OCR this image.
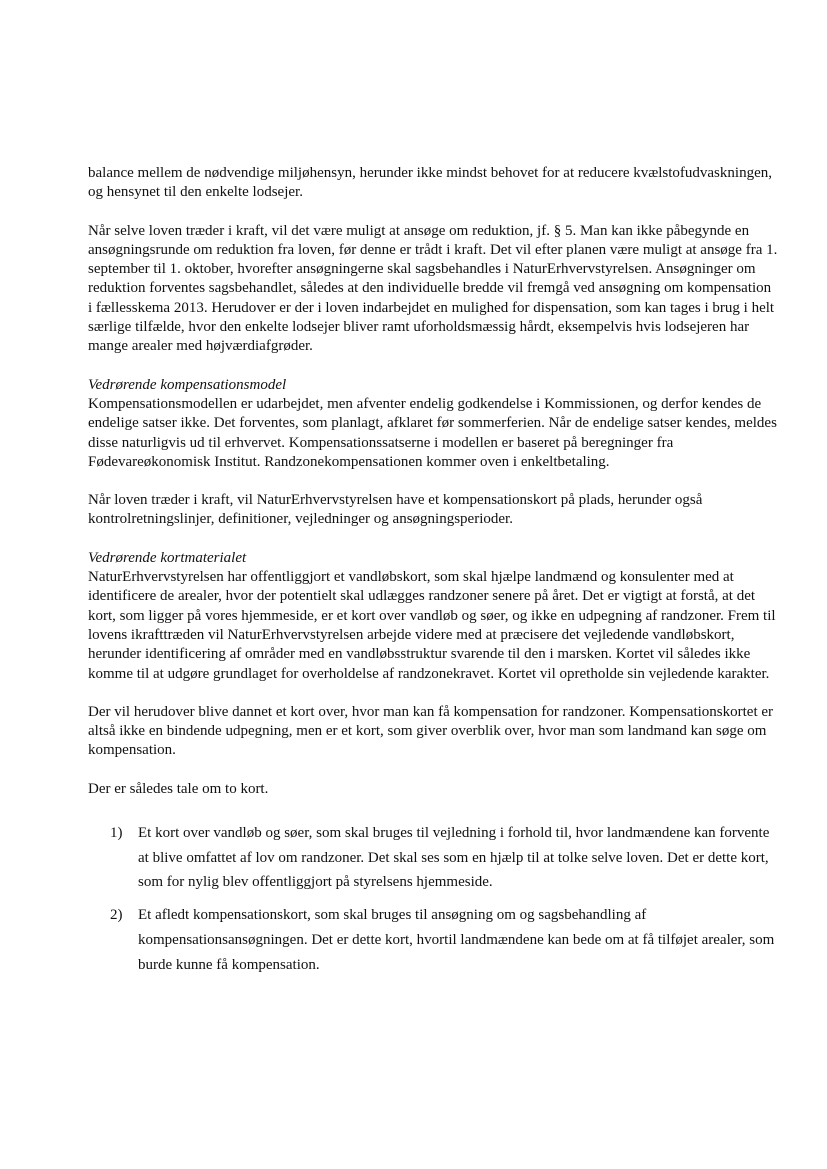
balance mellem de nødvendige miljøhensyn, herunder ikke mindst behovet for at reducere kvælstofudvaskningen, og hensynet til den enkelte lodsejer.

Når selve loven træder i kraft, vil det være muligt at ansøge om reduktion, jf. § 5. Man kan ikke påbegynde en ansøgningsrunde om reduktion fra loven, før denne er trådt i kraft. Det vil efter planen være muligt at ansøge fra 1. september til 1. oktober, hvorefter ansøgningerne skal sagsbehandles i NaturErhvervstyrelsen. Ansøgninger om reduktion forventes sagsbehandlet, således at den individuelle bredde vil fremgå ved ansøgning om kompensation i fællesskema 2013. Herudover er der i loven indarbejdet en mulighed for dispensation, som kan tages i brug i helt særlige tilfælde, hvor den enkelte lodsejer bliver ramt uforholdsmæssig hårdt, eksempelvis hvis lodsejeren har mange arealer med højværdiafgrøder.

Vedrørende kompensationsmodel

Kompensationsmodellen er udarbejdet, men afventer endelig godkendelse i Kommissionen, og derfor kendes de endelige satser ikke. Det forventes, som planlagt, afklaret før sommerferien. Når de endelige satser kendes, meldes disse naturligvis ud til erhvervet. Kompensationssatserne i modellen er baseret på beregninger fra Fødevareøkonomisk Institut. Randzonekompensationen kommer oven i enkeltbetaling.

Når loven træder i kraft, vil NaturErhvervstyrelsen have et kompensationskort på plads, herunder også kontrolretningslinjer, definitioner, vejledninger og ansøgningsperioder.

Vedrørende kortmaterialet

NaturErhvervstyrelsen har offentliggjort et vandløbskort, som skal hjælpe landmænd og konsulenter med at identificere de arealer, hvor der potentielt skal udlægges randzoner senere på året. Det er vigtigt at forstå, at det kort, som ligger på vores hjemmeside, er et kort over vandløb og søer, og ikke en udpegning af randzoner. Frem til lovens ikrafttræden vil NaturErhvervstyrelsen arbejde videre med at præcisere det vejledende vandløbskort, herunder identificering af områder med en vandløbsstruktur svarende til den i marsken. Kortet vil således ikke komme til at udgøre grundlaget for overholdelse af randzonekravet. Kortet vil opretholde sin vejledende karakter.

Der vil herudover blive dannet et kort over, hvor man kan få kompensation for randzoner. Kompensationskortet er altså ikke en bindende udpegning, men er et kort, som giver overblik over, hvor man som landmand kan søge om kompensation.

Der er således tale om to kort.

1) Et kort over vandløb og søer, som skal bruges til vejledning i forhold til, hvor landmændene kan forvente at blive omfattet af lov om randzoner. Det skal ses som en hjælp til at tolke selve loven. Det er dette kort, som for nylig blev offentliggjort på styrelsens hjemmeside.
2) Et afledt kompensationskort, som skal bruges til ansøgning om og sagsbehandling af kompensationsansøgningen. Det er dette kort, hvortil landmændene kan bede om at få tilføjet arealer, som burde kunne få kompensation.
